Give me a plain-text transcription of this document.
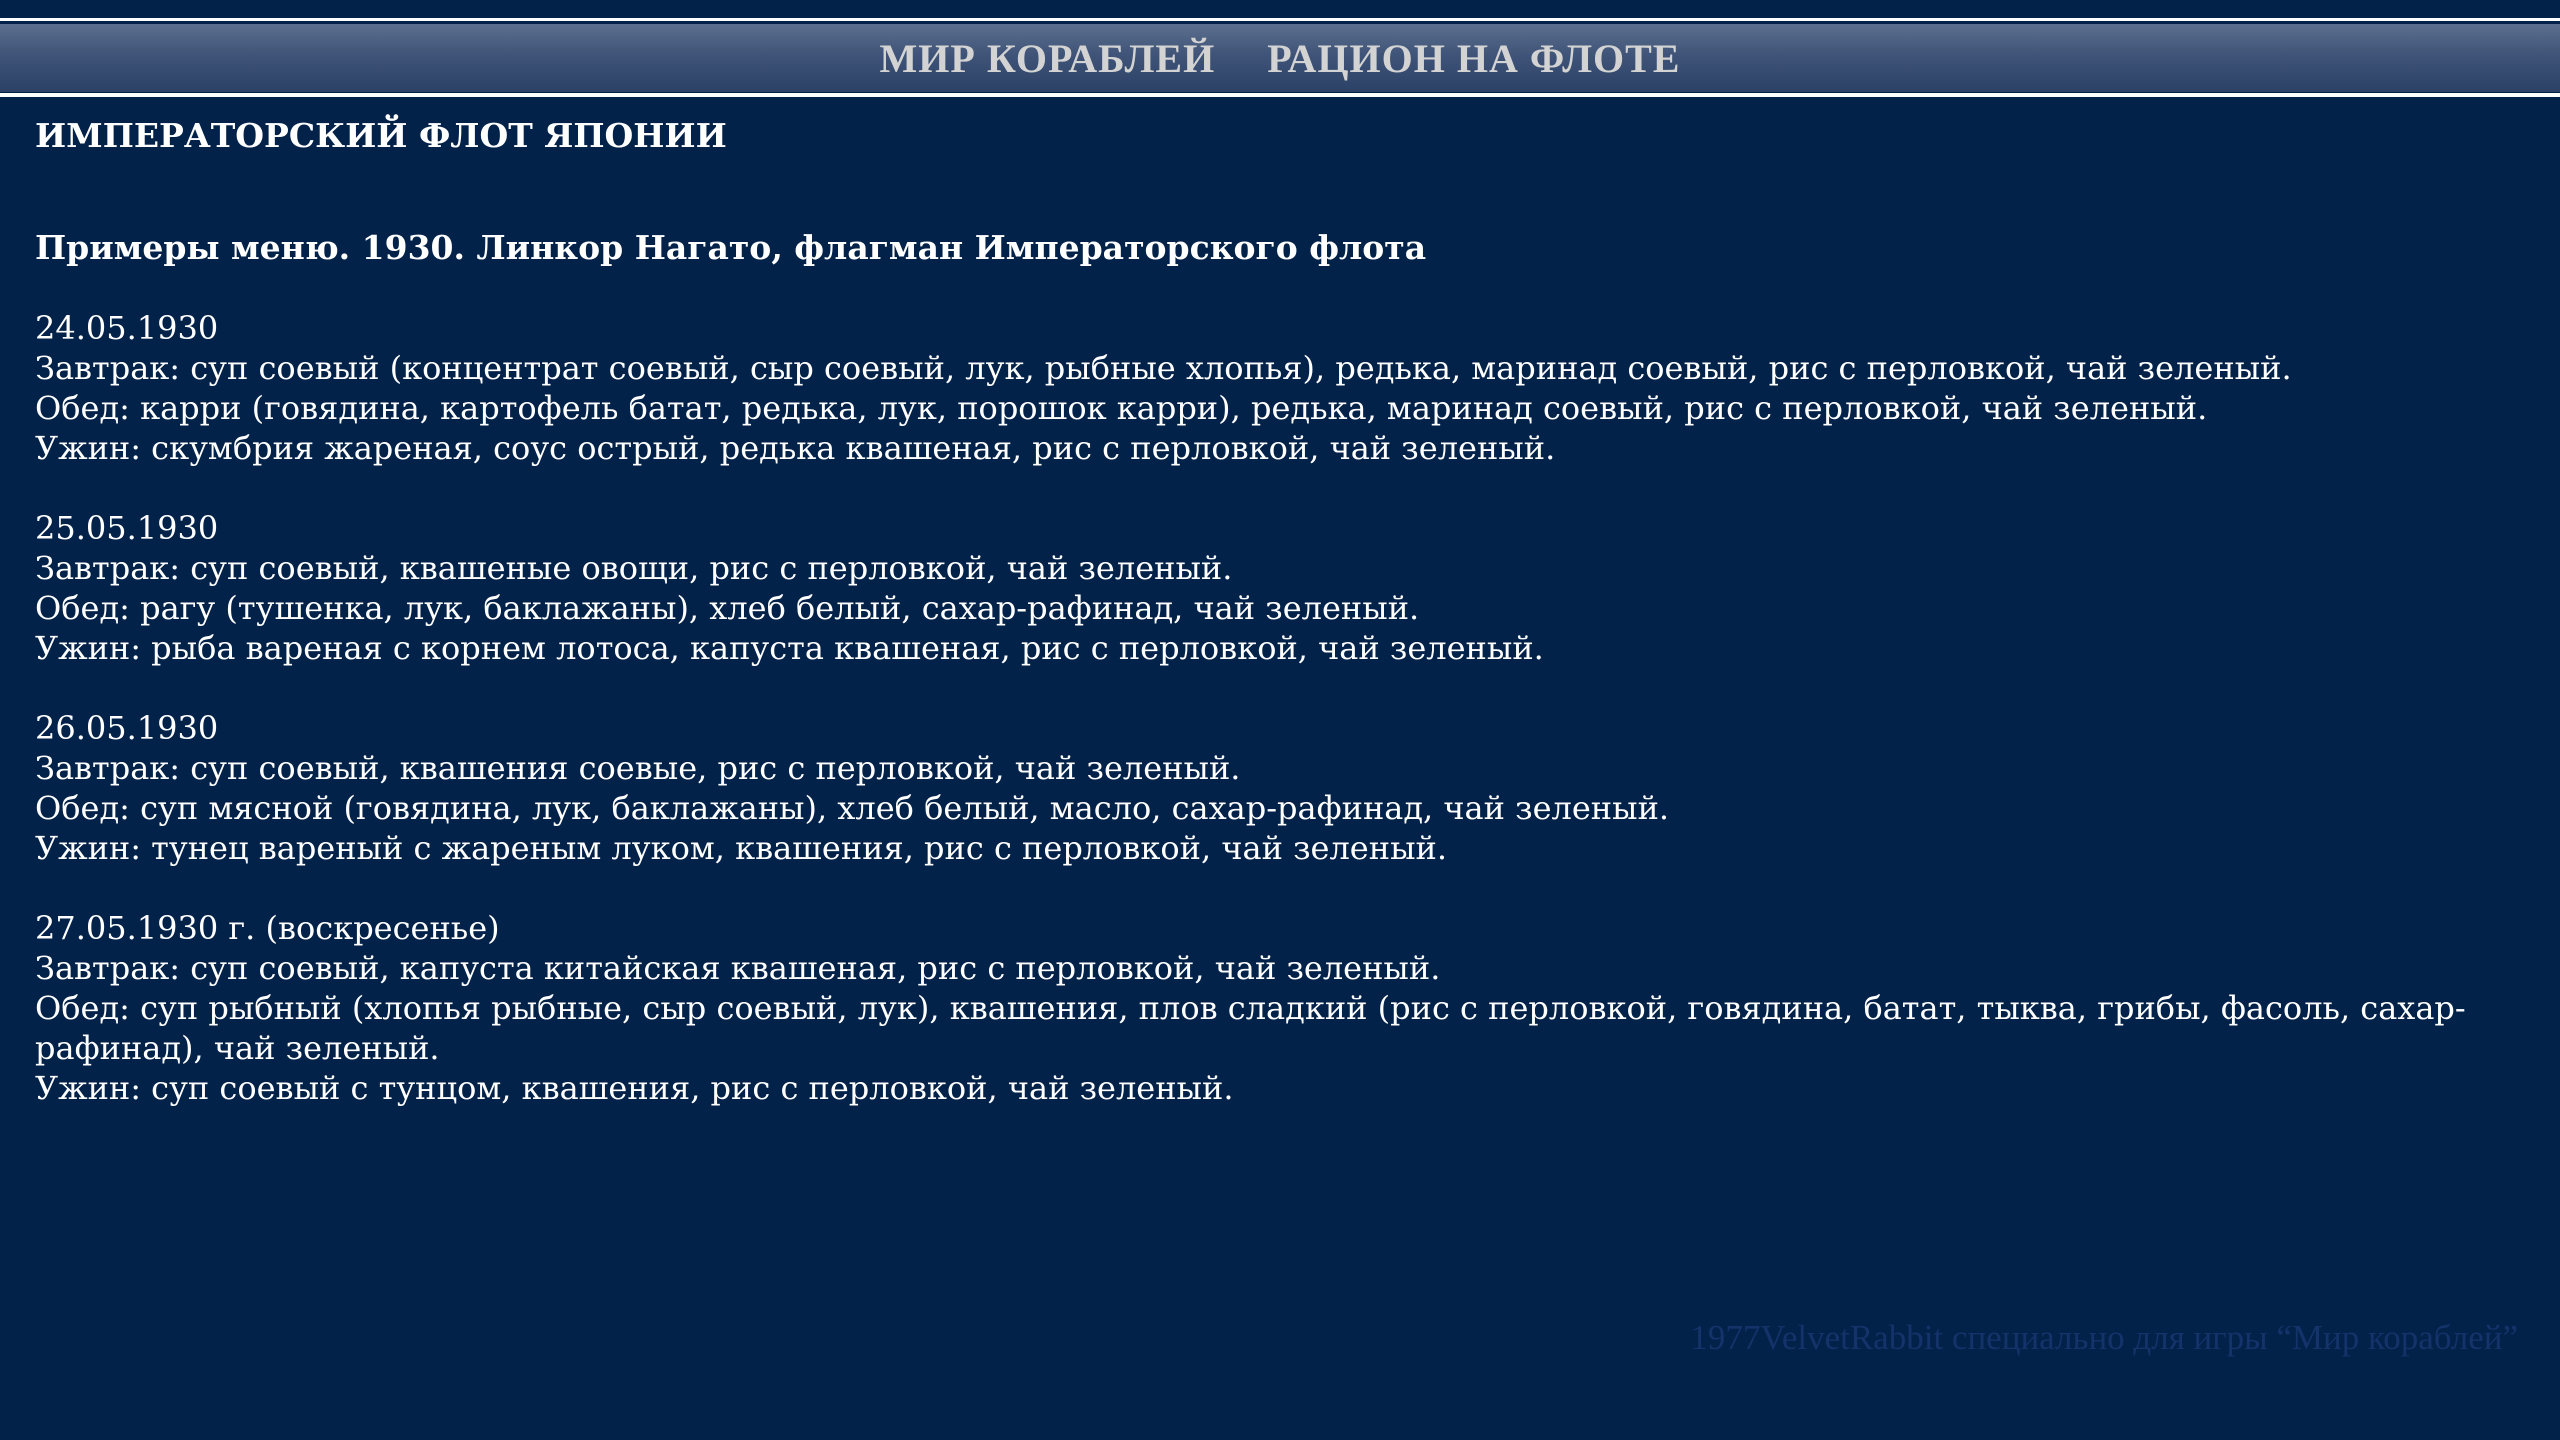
МИР КОРАБЛЕЙ РАЦИОН НА ФЛОТЕ
ИМПЕРАТОРСКИЙ ФЛОТ ЯПОНИИ
Примеры меню. 1930. Линкор Нагато, флагман Императорского флота

24.05.1930

Завтрак: суп соевый (концентрат соевый, сыр соевый, лук, рыбные хлопья), редька, маринад соевый, рис с перловкой, чай зеленый.

Обед: карри (говядина, картофель батат, редька, лук, порошок карри), редька, маринад соевый, рис с перловкой, чай зеленый.

Ужин: скумбрия жареная, соус острый, редька квашеная, рис с перловкой, чай зеленый.

25.05.1930

Завтрак: суп соевый, квашеные овощи, рис с перловкой, чай зеленый.

Обед: рагу (тушенка, лук, баклажаны), хлеб белый, сахар-рафинад, чай зеленый.

Ужин: рыба вареная с корнем лотоса, капуста квашеная, рис с перловкой, чай зеленый.

26.05.1930

Завтрак: суп соевый, квашения соевые, рис с перловкой, чай зеленый.

Обед: суп мясной (говядина, лук, баклажаны), хлеб белый, масло, сахар-рафинад, чай зеленый.

Ужин: тунец вареный с жареным луком, квашения, рис с перловкой, чай зеленый.

27.05.1930 г. (воскресенье)

Завтрак: суп соевый, капуста китайская квашеная, рис с перловкой, чай зеленый.

Обед: суп рыбный (хлопья рыбные, сыр соевый, лук), квашения, плов сладкий (рис с перловкой, говядина, батат, тыква, грибы, фасоль, сахар-рафинад), чай зеленый.

Ужин: суп соевый с тунцом, квашения, рис с перловкой, чай зеленый.

1977VelvetRabbit специально для игры “Мир кораблей”
